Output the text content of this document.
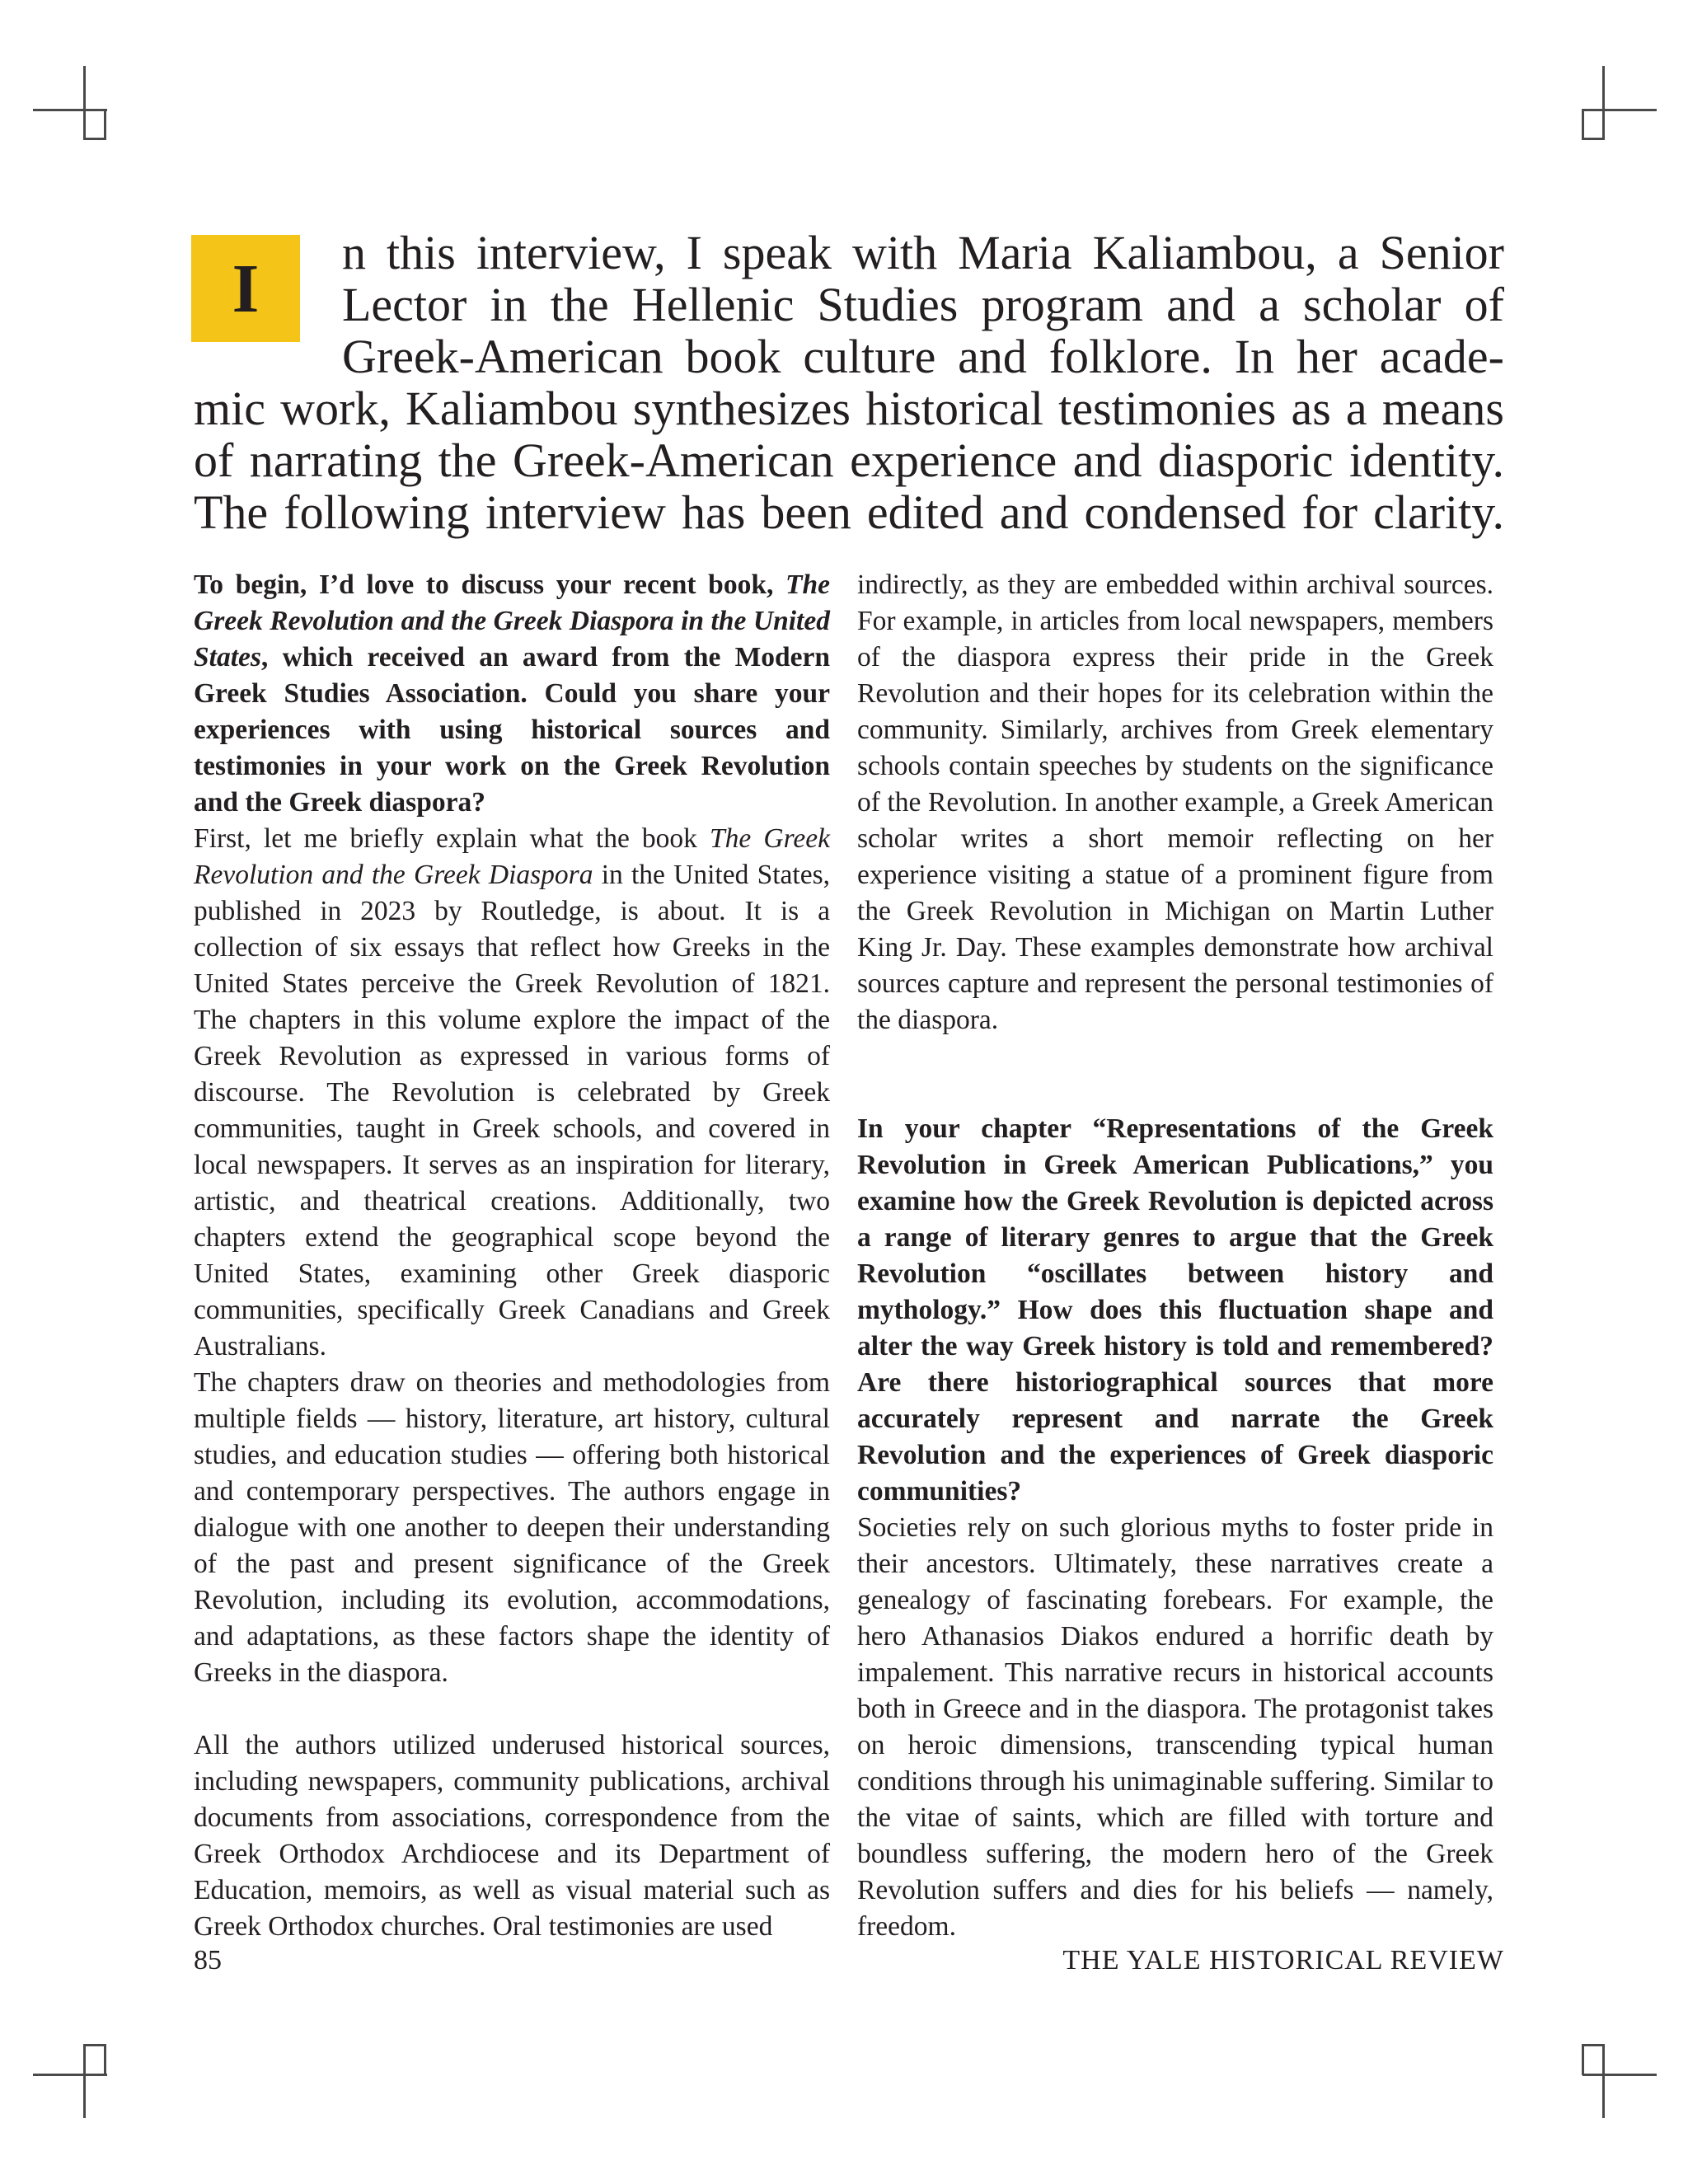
I	n this interview, I speak with Maria Kaliambou, a Senior
Lector in the Hellenic Studies program and a scholar of
Greek-American book culture and folklore. In her acade-
mic work, Kaliambou synthesizes historical testimonies as a means
of narrating the Greek-American experience and diasporic identity.
The following interview has been edited and condensed for clarity.

To begin, I’d love to discuss your recent book, The Greek Revolution and the Greek Diaspora in the United States, which received an award from the Modern Greek Studies Association. Could you share your experiences with using historical sources and testimonies in your work on the Greek Revolution and the Greek diaspora?

First, let me briefly explain what the book The Greek Revolution and the Greek Diaspora in the United States, published in 2023 by Routledge, is about. It is a collection of six essays that reflect how Greeks in the United States perceive the Greek Revolution of 1821. The chapters in this volume explore the impact of the Greek Revolution as expressed in various forms of discourse. The Revolution is celebrated by Greek communities, taught in Greek schools, and covered in local newspapers. It serves as an inspiration for literary, artistic, and theatrical creations. Additionally, two chapters extend the geographical scope beyond the United States, examining other Greek diasporic communities, specifically Greek Canadians and Greek Australians.

The chapters draw on theories and methodologies from multiple fields — history, literature, art history, cultural studies, and education studies — offering both historical and contemporary perspectives. The authors engage in dialogue with one another to deepen their understanding of the past and present significance of the Greek Revolution, including its evolution, accommodations, and adaptations, as these factors shape the identity of Greeks in the diaspora.

All the authors utilized underused historical sources, including newspapers, community publications, archival documents from associations, correspondence from the Greek Orthodox Archdiocese and its Department of Education, memoirs, as well as visual material such as Greek Orthodox churches. Oral testimonies are used

indirectly, as they are embedded within archival sources. For example, in articles from local newspapers, members of the diaspora express their pride in the Greek Revolution and their hopes for its celebration within the community. Similarly, archives from Greek elementary schools contain speeches by students on the significance of the Revolution. In another example, a Greek American scholar writes a short memoir reflecting on her experience visiting a statue of a prominent figure from the Greek Revolution in Michigan on Martin Luther King Jr. Day. These examples demonstrate how archival sources capture and represent the personal testimonies of the diaspora.

In your chapter “Representations of the Greek Revolution in Greek American Publications,” you examine how the Greek Revolution is depicted across a range of literary genres to argue that the Greek Revolution “oscillates between history and mythology.” How does this fluctuation shape and alter the way Greek history is told and remembered? Are there historiographical sources that more accurately represent and narrate the Greek Revolution and the experiences of Greek diasporic communities?

Societies rely on such glorious myths to foster pride in their ancestors. Ultimately, these narratives create a genealogy of fascinating forebears. For example, the hero Athanasios Diakos endured a horrific death by impalement. This narrative recurs in historical accounts both in Greece and in the diaspora. The protagonist takes on heroic dimensions, transcending typical human conditions through his unimaginable suffering. Similar to the vitae of saints, which are filled with torture and boundless suffering, the modern hero of the Greek Revolution suffers and dies for his beliefs — namely, freedom.

85	THE YALE HISTORICAL REVIEW
